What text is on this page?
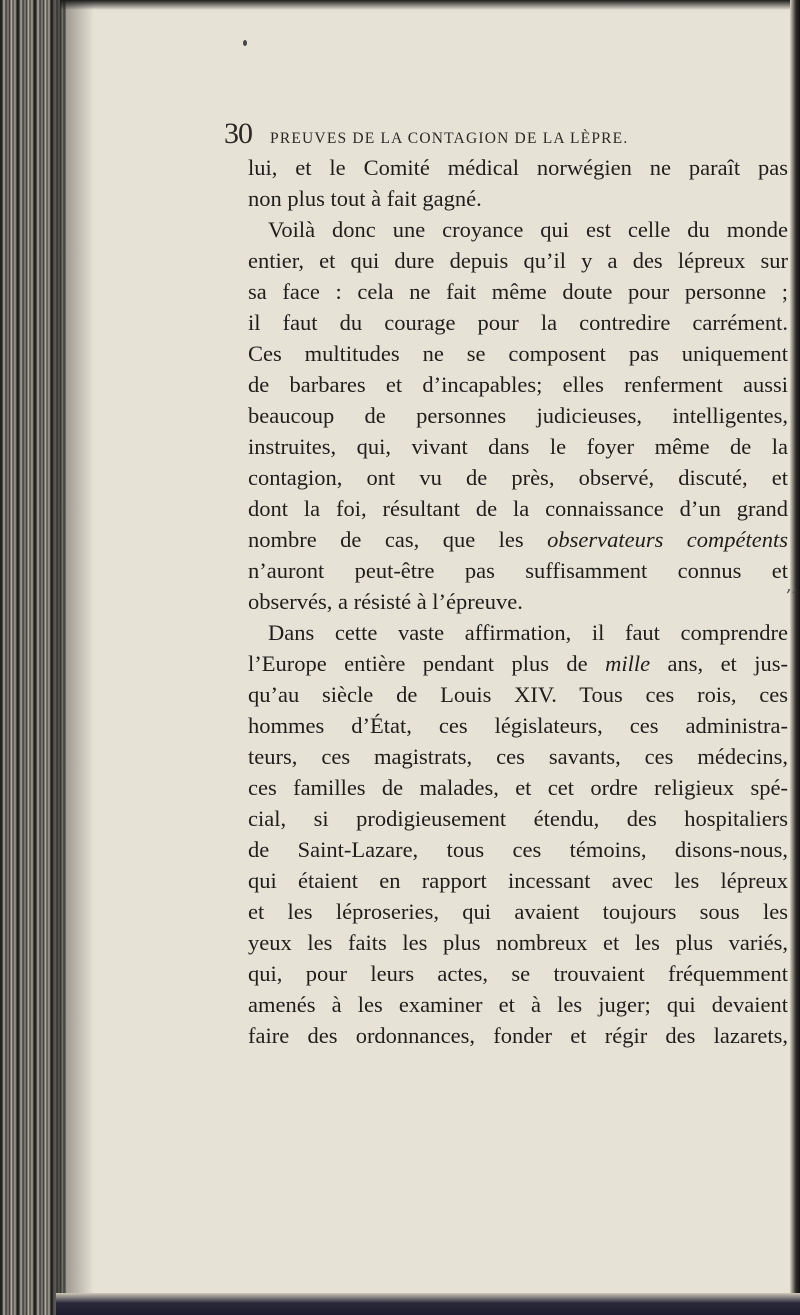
,,
30 PREUVES DE LA CONTAGION DE LA LÈPRE.
lui, et le Comité médical norwégien ne paraît pas
non plus tout à fait gagné.
Voilà donc une croyance qui est celle du monde
entier, et qui dure depuis qu’il y a des lépreux sur
sa face : cela ne fait même doute pour personne ;
il faut du courage pour la contredire carrément.
Ces multitudes ne se composent pas uniquement
de barbares et d’incapables; elles renferment aussi
beaucoup de personnes judicieuses, intelligentes,
instruites, qui, vivant dans le foyer même de la
contagion, ont vu de près, observé, discuté, et
dont la foi, résultant de la connaissance d’un grand
nombre de cas, que les observateurs compétents
n’auront peut-être pas suffisamment connus et
observés, a résisté à l’épreuve.
Dans cette vaste affirmation, il faut comprendre
l’Europe entière pendant plus de mille ans, et jus-
qu’au siècle de Louis XIV. Tous ces rois, ces
hommes d’État, ces législateurs, ces administra-
teurs, ces magistrats, ces savants, ces médecins,
ces familles de malades, et cet ordre religieux spé-
cial, si prodigieusement étendu, des hospitaliers
de Saint-Lazare, tous ces témoins, disons-nous,
qui étaient en rapport incessant avec les lépreux
et les léproseries, qui avaient toujours sous les
yeux les faits les plus nombreux et les plus variés,
qui, pour leurs actes, se trouvaient fréquemment
amenés à les examiner et à les juger; qui devaient
faire des ordonnances, fonder et régir des lazarets,
